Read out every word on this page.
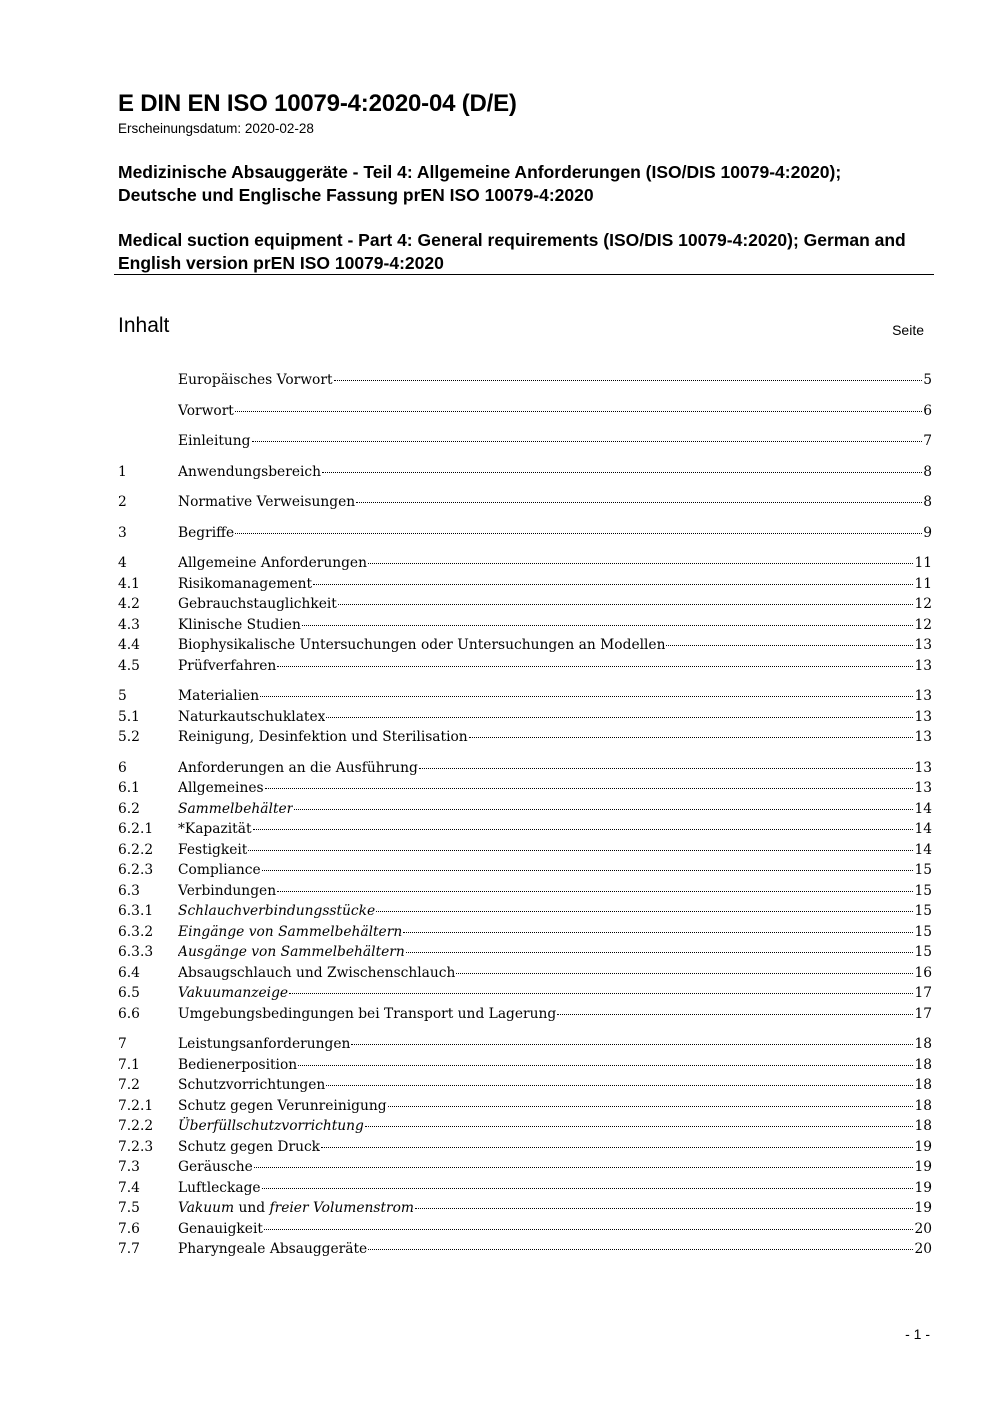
E DIN EN ISO 10079-4:2020-04 (D/E)
Erscheinungsdatum: 2020-02-28
Medizinische Absauggeräte - Teil 4: Allgemeine Anforderungen (ISO/DIS 10079-4:2020); Deutsche und Englische Fassung prEN ISO 10079-4:2020
Medical suction equipment - Part 4: General requirements (ISO/DIS 10079-4:2020); German and English version prEN ISO 10079-4:2020
Inhalt	Seite
Europäisches Vorwort	5
Vorwort	6
Einleitung	7
1	Anwendungsbereich	8
2	Normative Verweisungen	8
3	Begriffe	9
4	Allgemeine Anforderungen	11
4.1	Risikomanagement	11
4.2	Gebrauchstauglichkeit	12
4.3	Klinische Studien	12
4.4	Biophysikalische Untersuchungen oder Untersuchungen an Modellen	13
4.5	Prüfverfahren	13
5	Materialien	13
5.1	Naturkautschuklatex	13
5.2	Reinigung, Desinfektion und Sterilisation	13
6	Anforderungen an die Ausführung	13
6.1	Allgemeines	13
6.2	Sammelbehälter	14
6.2.1	*Kapazität	14
6.2.2	Festigkeit	14
6.2.3	Compliance	15
6.3	Verbindungen	15
6.3.1	Schlauchverbindungsstücke	15
6.3.2	Eingänge von Sammelbehältern	15
6.3.3	Ausgänge von Sammelbehältern	15
6.4	Absaugschlauch und Zwischenschlauch	16
6.5	Vakuumanzeige	17
6.6	Umgebungsbedingungen bei Transport und Lagerung	17
7	Leistungsanforderungen	18
7.1	Bedienerposition	18
7.2	Schutzvorrichtungen	18
7.2.1	Schutz gegen Verunreinigung	18
7.2.2	Überfüllschutzvorrichtung	18
7.2.3	Schutz gegen Druck	19
7.3	Geräusche	19
7.4	Luftleckage	19
7.5	Vakuum und freier Volumenstrom	19
7.6	Genauigkeit	20
7.7	Pharyngeale Absauggeräte	20
- 1 -
